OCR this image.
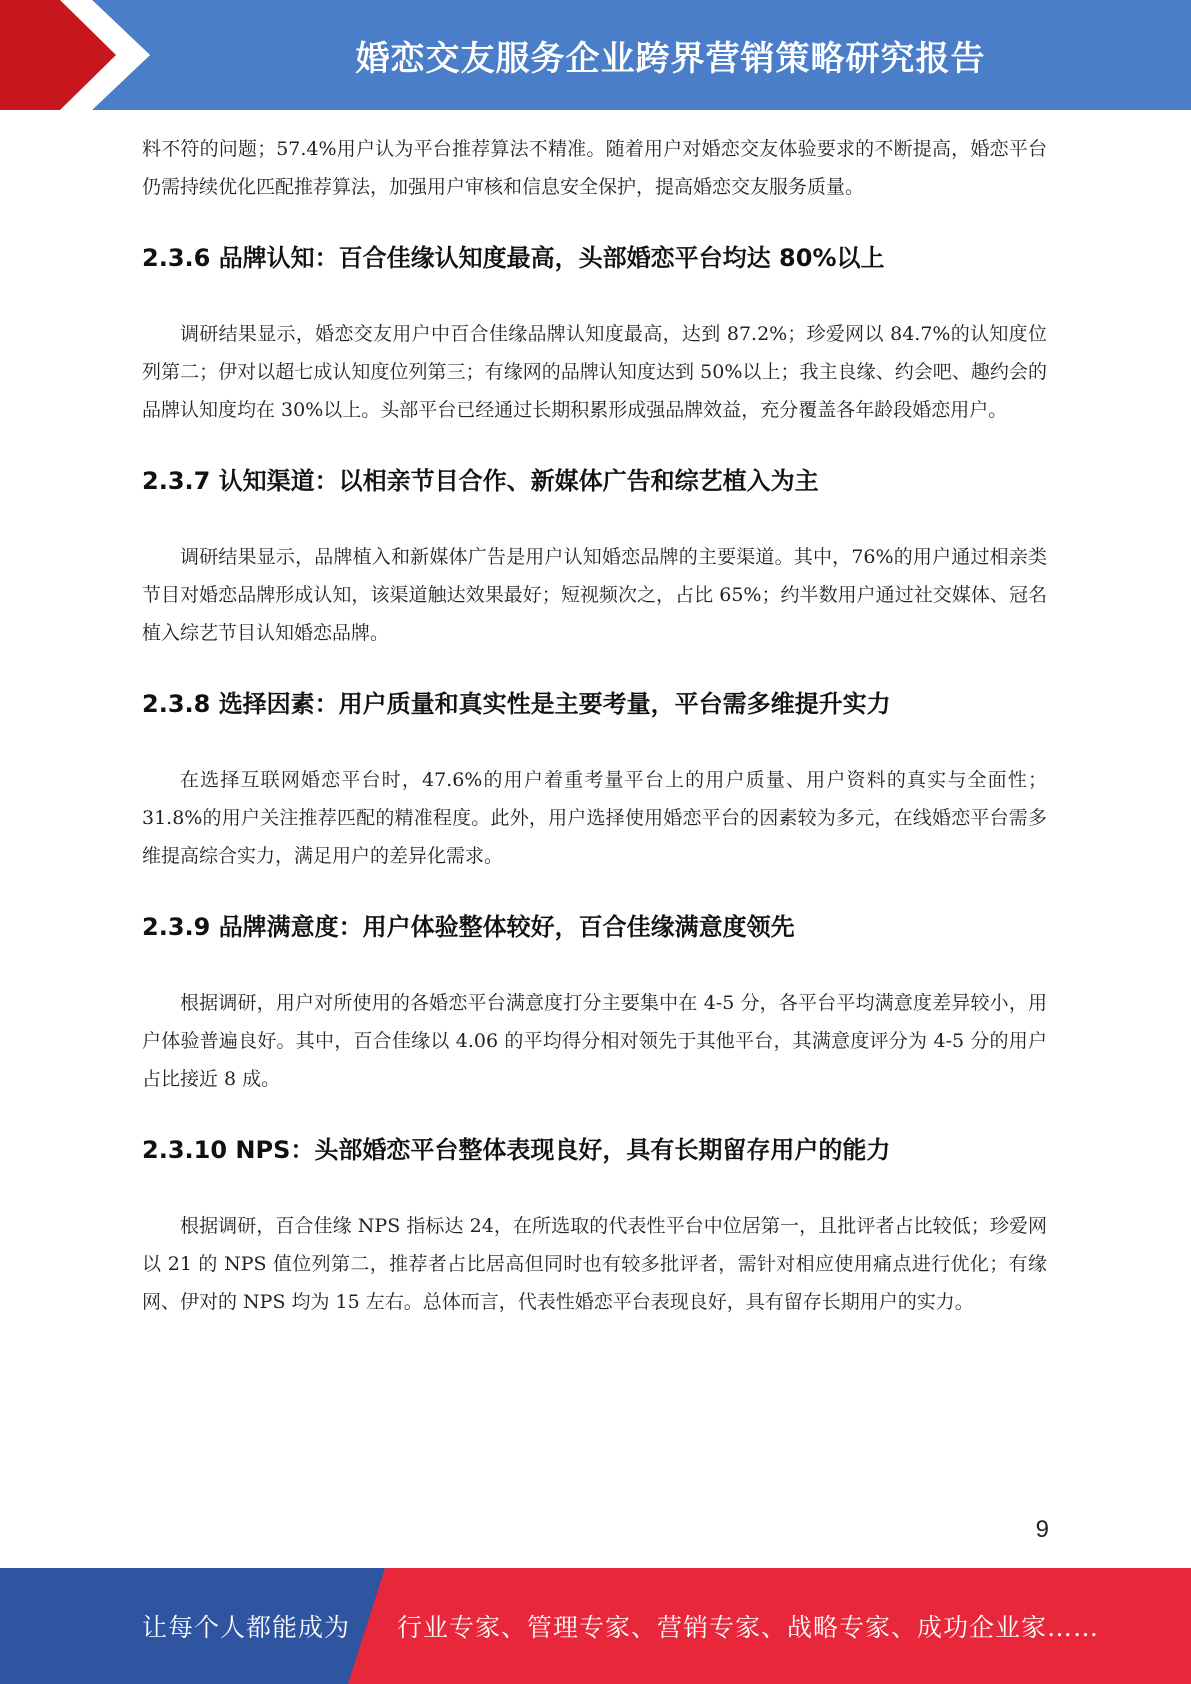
婚恋交友服务企业跨界营销策略研究报告

料不符的问题；57.4%用户认为平台推荐算法不精准。随着用户对婚恋交友体验要求的不断提高，婚恋平台仍需持续优化匹配推荐算法，加强用户审核和信息安全保护，提高婚恋交友服务质量。

2.3.6 品牌认知：百合佳缘认知度最高，头部婚恋平台均达 80%以上

调研结果显示，婚恋交友用户中百合佳缘品牌认知度最高，达到 87.2%；珍爱网以 84.7%的认知度位列第二；伊对以超七成认知度位列第三；有缘网的品牌认知度达到 50%以上；我主良缘、约会吧、趣约会的品牌认知度均在 30%以上。头部平台已经通过长期积累形成强品牌效益，充分覆盖各年龄段婚恋用户。

2.3.7 认知渠道：以相亲节目合作、新媒体广告和综艺植入为主

调研结果显示，品牌植入和新媒体广告是用户认知婚恋品牌的主要渠道。其中，76%的用户通过相亲类节目对婚恋品牌形成认知，该渠道触达效果最好；短视频次之，占比 65%；约半数用户通过社交媒体、冠名植入综艺节目认知婚恋品牌。

2.3.8 选择因素：用户质量和真实性是主要考量，平台需多维提升实力

在选择互联网婚恋平台时，47.6%的用户着重考量平台上的用户质量、用户资料的真实与全面性；31.8%的用户关注推荐匹配的精准程度。此外，用户选择使用婚恋平台的因素较为多元，在线婚恋平台需多维提高综合实力，满足用户的差异化需求。

2.3.9 品牌满意度：用户体验整体较好，百合佳缘满意度领先

根据调研，用户对所使用的各婚恋平台满意度打分主要集中在 4-5 分，各平台平均满意度差异较小，用户体验普遍良好。其中，百合佳缘以 4.06 的平均得分相对领先于其他平台，其满意度评分为 4-5 分的用户占比接近 8 成。

2.3.10 NPS：头部婚恋平台整体表现良好，具有长期留存用户的能力

根据调研，百合佳缘 NPS 指标达 24，在所选取的代表性平台中位居第一，且批评者占比较低；珍爱网以 21 的 NPS 值位列第二，推荐者占比居高但同时也有较多批评者，需针对相应使用痛点进行优化；有缘网、伊对的 NPS 均为 15 左右。总体而言，代表性婚恋平台表现良好，具有留存长期用户的实力。

9
让每个人都能成为 行业专家、管理专家、营销专家、战略专家、成功企业家……
